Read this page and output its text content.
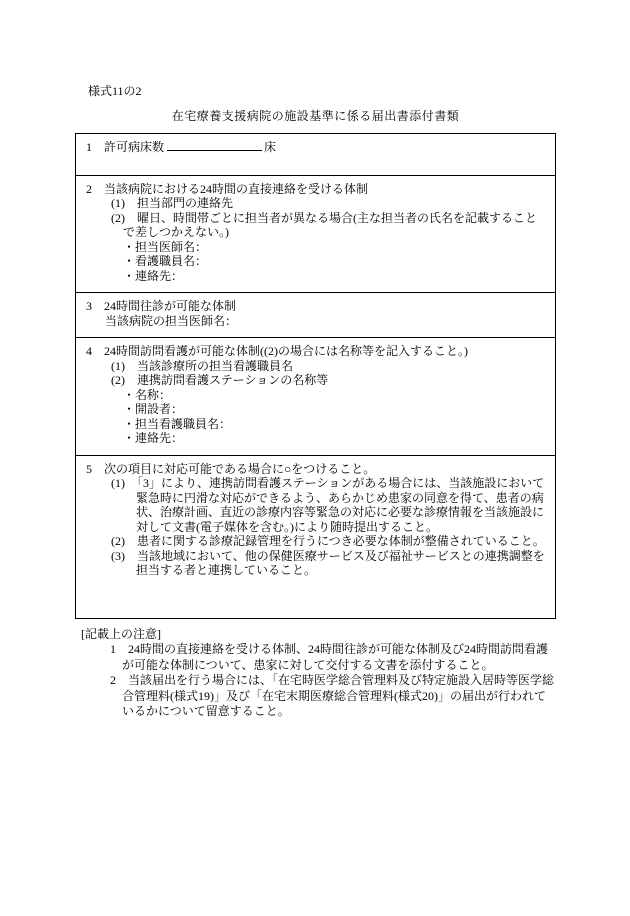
様式11の2
在宅療養支援病院の施設基準に係る届出書添付書類
1　許可病床数	床
2　当該病院における24時間の直接連絡を受ける体制
(1)　担当部門の連絡先
(2)　曜日、時間帯ごとに担当者が異なる場合(主な担当者の氏名を記載することで差しつかえない。)
・担当医師名：
・看護職員名：
・連絡先：
3　24時間往診が可能な体制
当該病院の担当医師名：
4　24時間訪問看護が可能な体制((2)の場合には名称等を記入すること。)
(1)　当該診療所の担当看護職員名
(2)　連携訪問看護ステーションの名称等
・名称：
・開設者：
・担当看護職員名：
・連絡先：
5　次の項目に対応可能である場合に○をつけること。
(1)　「3」により、連携訪問看護ステーションがある場合には、当該施設において緊急時に円滑な対応ができるよう、あらかじめ患家の同意を得て、患者の病状、治療計画、直近の診療内容等緊急の対応に必要な診療情報を当該施設に対して文書(電子媒体を含む。)により随時提出すること。
(2)　患者に関する診療記録管理を行うにつき必要な体制が整備されていること。
(3)　当該地域において、他の保健医療サービス及び福祉サービスとの連携調整を担当する者と連携していること。
[記載上の注意]
1　24時間の直接連絡を受ける体制、24時間往診が可能な体制及び24時間訪問看護が可能な体制について、患家に対して交付する文書を添付すること。
2　当該届出を行う場合には、「在宅時医学総合管理料及び特定施設入居時等医学総合管理料(様式19)」及び「在宅末期医療総合管理料(様式20)」の届出が行われているかについて留意すること。
